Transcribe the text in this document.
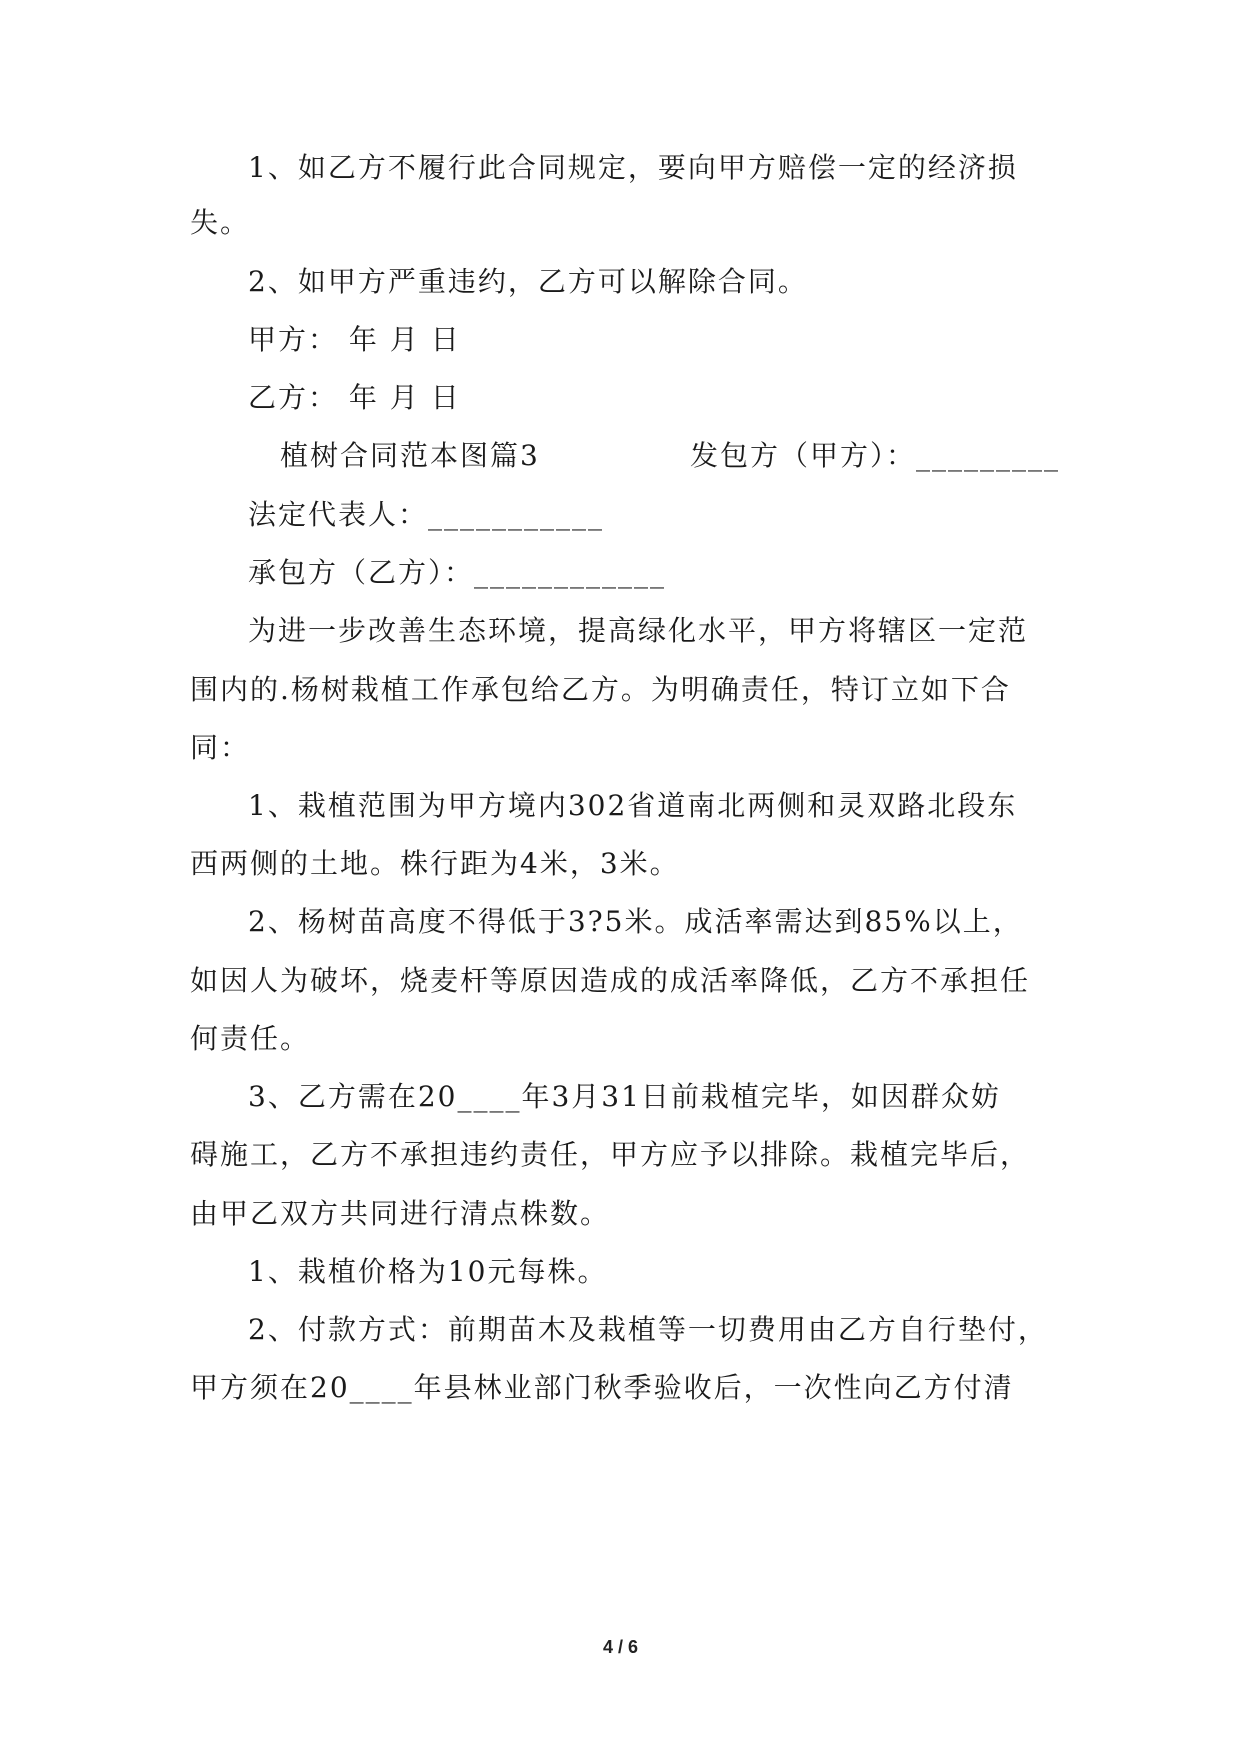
1、如乙方不履行此合同规定，要向甲方赔偿一定的经济损
失。
2、如甲方严重违约，乙方可以解除合同。
甲方： 年 月 日
乙方： 年 月 日
植树合同范本图篇3	发包方（甲方）：_________
法定代表人：___________
承包方（乙方）：____________
为进一步改善生态环境，提高绿化水平，甲方将辖区一定范
围内的.杨树栽植工作承包给乙方。为明确责任，特订立如下合
同：
1、栽植范围为甲方境内302省道南北两侧和灵双路北段东
西两侧的土地。株行距为4米，3米。
2、杨树苗高度不得低于3?5米。成活率需达到85%以上，
如因人为破坏，烧麦杆等原因造成的成活率降低，乙方不承担任
何责任。
3、乙方需在20____年3月31日前栽植完毕，如因群众妨
碍施工，乙方不承担违约责任，甲方应予以排除。栽植完毕后，
由甲乙双方共同进行清点株数。
1、栽植价格为10元每株。
2、付款方式：前期苗木及栽植等一切费用由乙方自行垫付，
甲方须在20____年县林业部门秋季验收后，一次性向乙方付清
4 / 6
